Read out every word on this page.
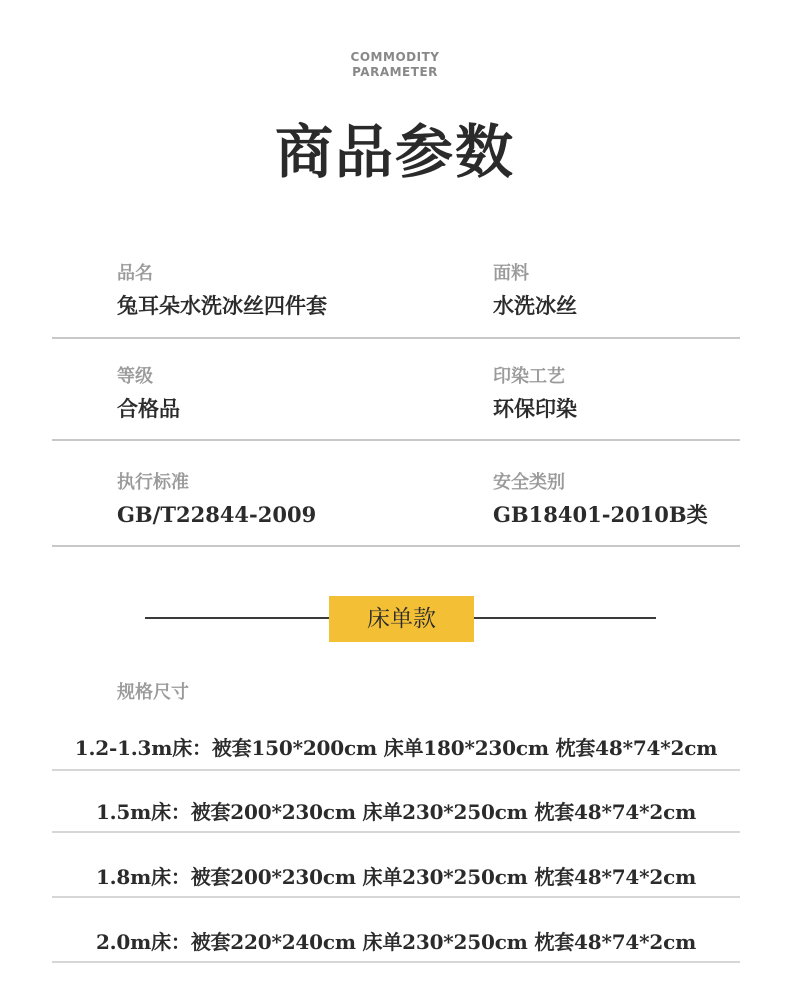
COMMODITY
PARAMETER
商品参数
品名
兔耳朵水洗冰丝四件套
面料
水洗冰丝
等级
合格品
印染工艺
环保印染
执行标准
GB/T22844-2009
安全类别
GB18401-2010B类
床单款
规格尺寸
1.2-1.3m床：被套150*200cm 床单180*230cm 枕套48*74*2cm
1.5m床：被套200*230cm 床单230*250cm 枕套48*74*2cm
1.8m床：被套200*230cm 床单230*250cm 枕套48*74*2cm
2.0m床：被套220*240cm 床单230*250cm 枕套48*74*2cm
